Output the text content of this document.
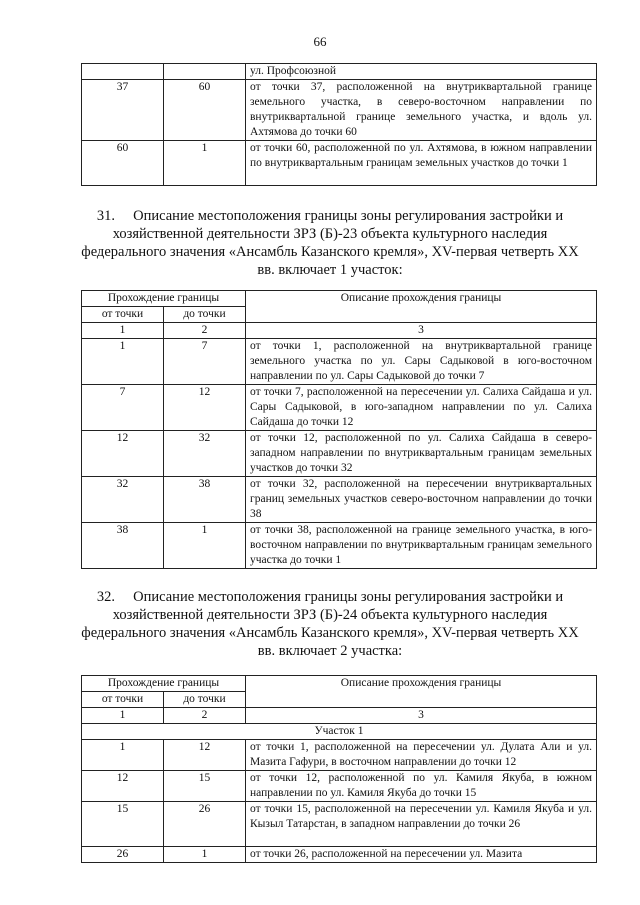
66
		ул. Профсоюзной
37	60	от точки 37, расположенной на внутриквартальной границе земельного участка, в северо-восточном направлении по внутриквартальной границе земельного участка, и вдоль ул. Ахтямова до точки 60
60	1	от точки 60, расположенной по ул. Ахтямова, в южном направлении по внутриквартальным границам земельных участков до точки 1
31.  Описание местоположения границы зоны регулирования застройки и хозяйственной деятельности ЗРЗ (Б)-23 объекта культурного наследия федерального значения «Ансамбль Казанского кремля», XV-первая четверть XX вв. включает 1 участок:
Прохождение границы		Описание прохождения границы
от точки	до точки	
1	2	3
1	7	от точки 1, расположенной на внутриквартальной границе земельного участка по ул. Сары Садыковой в юго-восточном направлении по ул. Сары Садыковой до точки 7
7	12	от точки 7, расположенной на пересечении ул. Салиха Сайдаша и ул. Сары Садыковой, в юго-западном направлении по ул. Салиха Сайдаша до точки 12
12	32	от точки 12, расположенной по ул. Салиха Сайдаша в северо-западном направлении по внутриквартальным границам земельных участков до точки 32
32	38	от точки 32, расположенной на пересечении внутриквартальных границ земельных участков северо-восточном направлении до точки 38
38	1	от точки 38, расположенной на границе земельного участка, в юго-восточном направлении по внутриквартальным границам земельного участка до точки 1
32.  Описание местоположения границы зоны регулирования застройки и хозяйственной деятельности ЗРЗ (Б)-24 объекта культурного наследия федерального значения «Ансамбль Казанского кремля», XV-первая четверть XX вв. включает 2 участка:
Прохождение границы		Описание прохождения границы
от точки	до точки	
1	2	3
Участок 1		
1	12	от точки 1, расположенной на пересечении ул. Дулата Али и ул. Мазита Гафури, в восточном направлении до точки 12
12	15	от точки 12, расположенной по ул. Камиля Якуба, в южном направлении по ул. Камиля Якуба до точки 15
15	26	от точки 15, расположенной на пересечении ул. Камиля Якуба и ул. Кызыл Татарстан, в западном направлении до точки 26
26	1	от точки 26, расположенной на пересечении ул. Мазита
